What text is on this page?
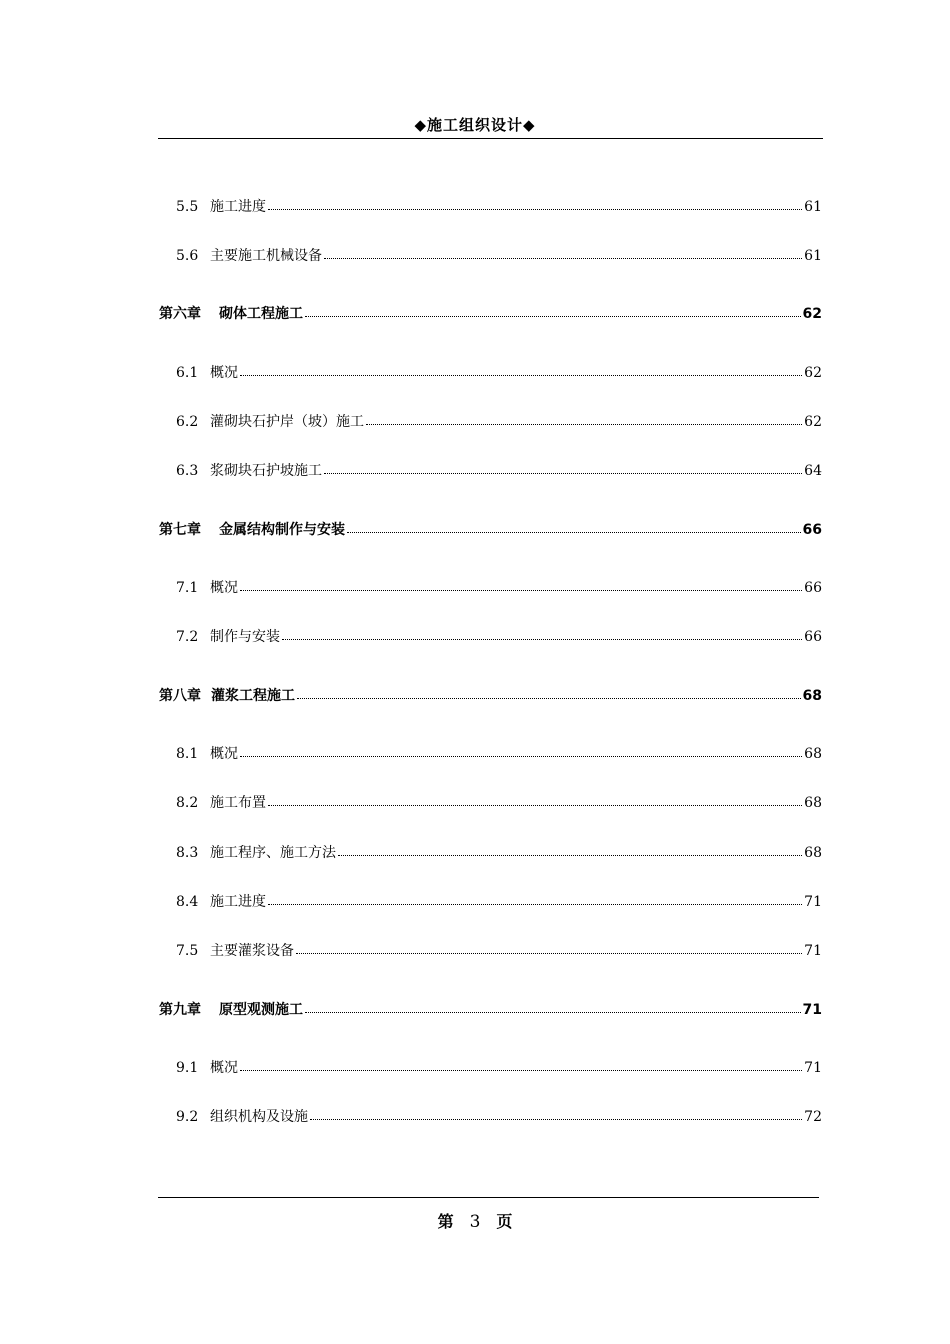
◆施工组织设计◆
5.5 施工进度	61
5.6 主要施工机械设备	61
第六章 砌体工程施工	62
6.1 概况	62
6.2 灌砌块石护岸（坡）施工	62
6.3 浆砌块石护坡施工	64
第七章 金属结构制作与安装	66
7.1 概况	66
7.2 制作与安装	66
第八章 灌浆工程施工	68
8.1 概况	68
8.2 施工布置	68
8.3 施工程序、施工方法	68
8.4 施工进度	71
7.5 主要灌浆设备	71
第九章 原型观测施工	71
9.1 概况	71
9.2 组织机构及设施	72
第 3 页
